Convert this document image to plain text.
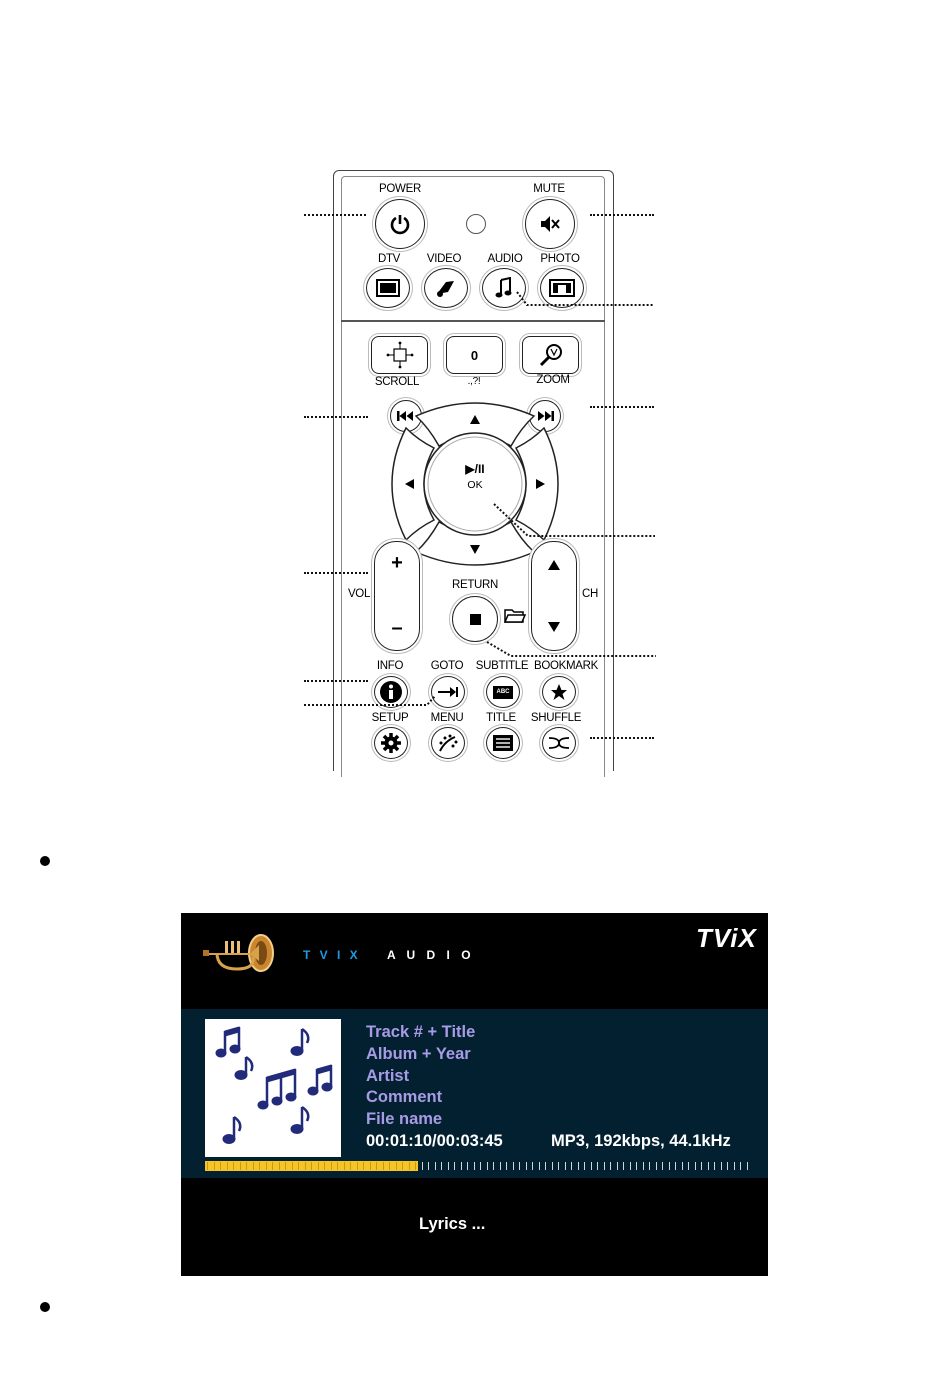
POWER	MUTE
DTV VIDEO AUDIO PHOTO
0
SCROLL	.,?!	ZOOM
▶/II
OK
+
–
VOL	CH
RETURN
INFO GOTO SUBTITLE BOOKMARK
ABC
SETUP MENU TITLE SHUFFLE
T V I X A U D I O
TViX
Track # + Title
Album + Year
Artist
Comment
File name
00:01:10/00:03:45	MP3, 192kbps, 44.1kHz
Lyrics ...
